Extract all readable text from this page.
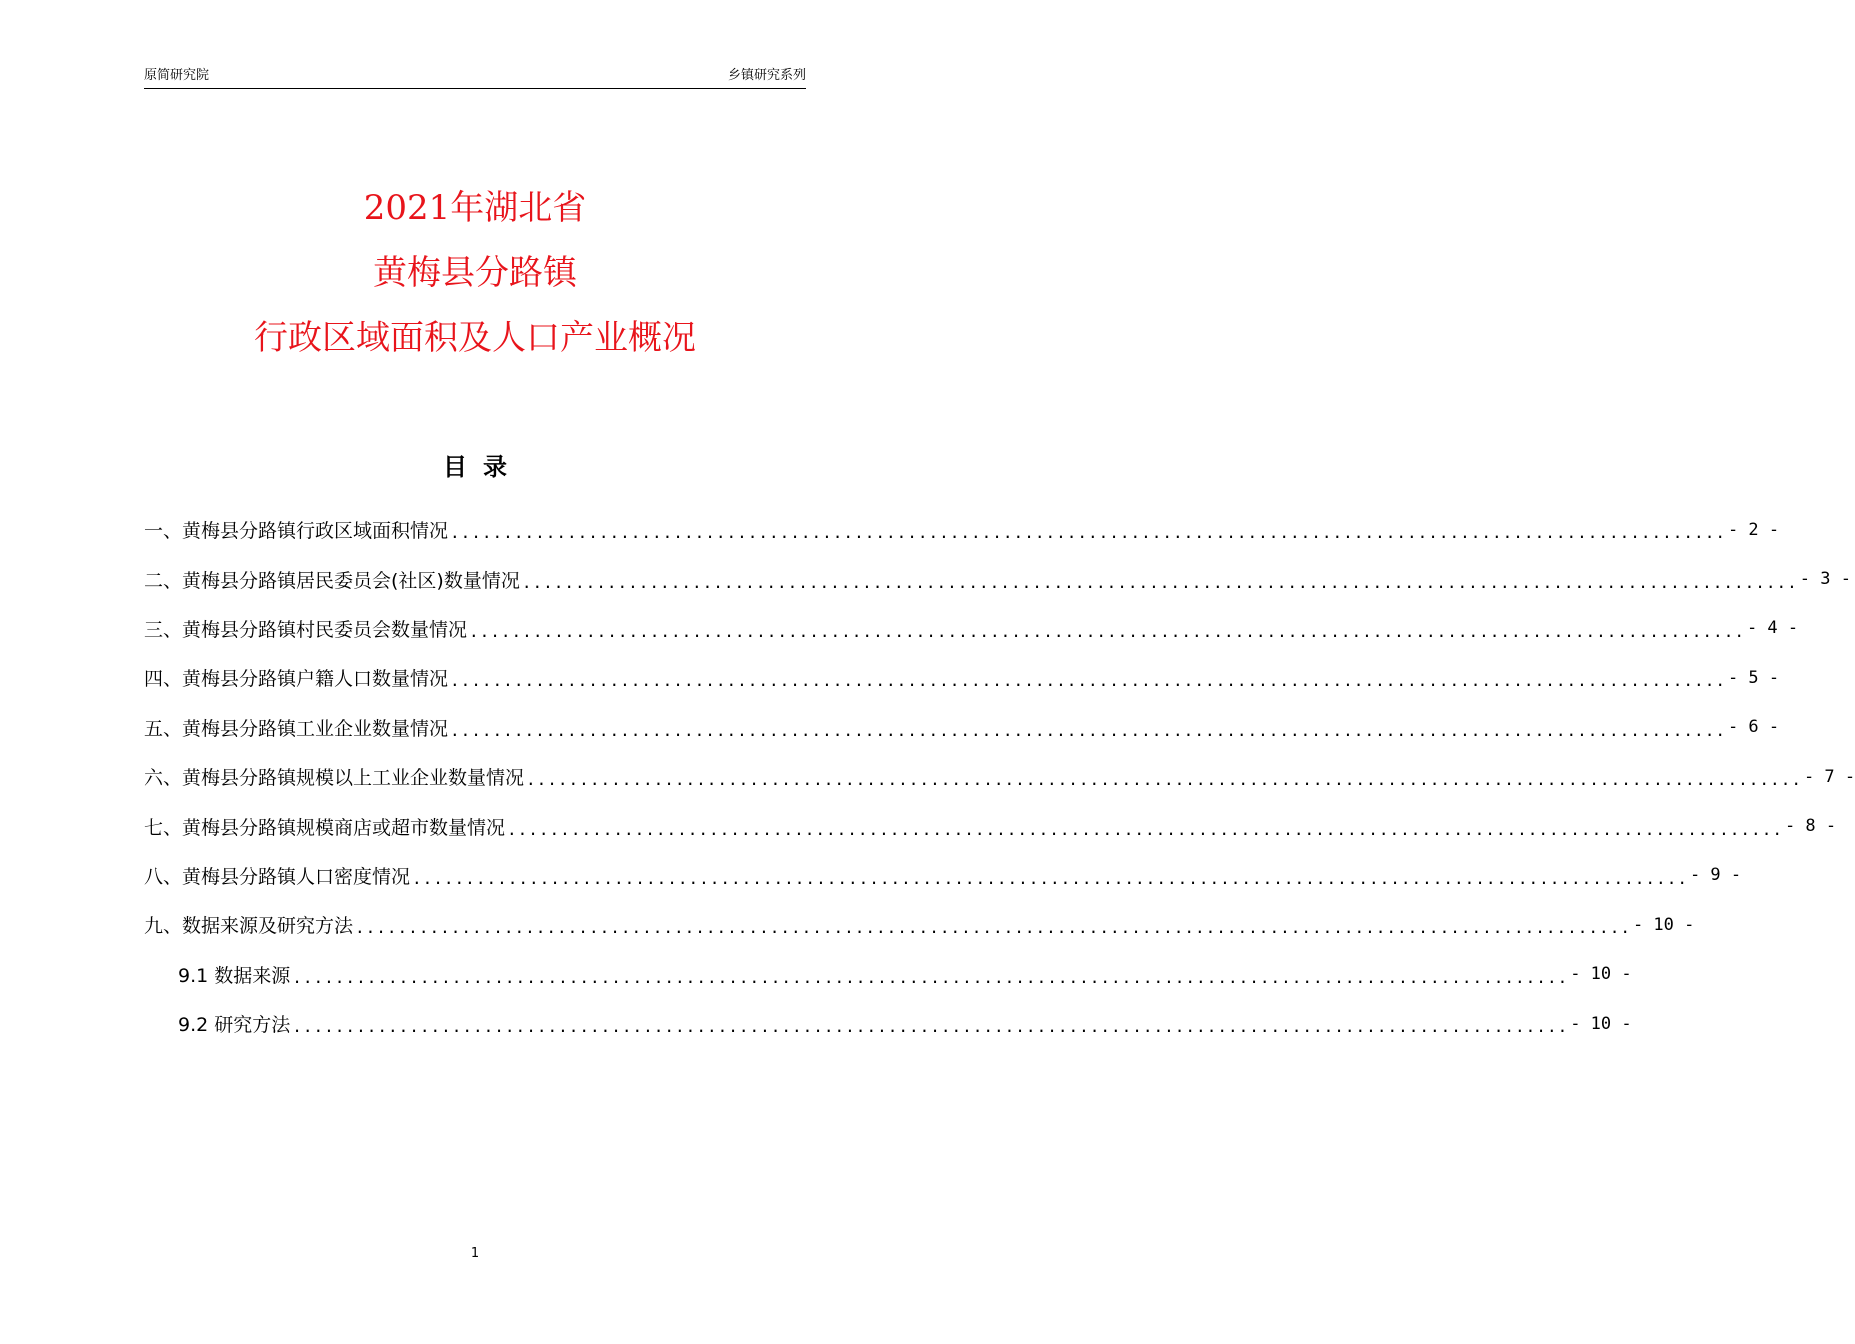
原简研究院	乡镇研究系列
2021年湖北省
黄梅县分路镇
行政区域面积及人口产业概况
目录
一、黄梅县分路镇行政区域面积情况 ........................................................................................................................ - 2 -
二、黄梅县分路镇居民委员会(社区)数量情况 ........................................................................................................................ - 3 -
三、黄梅县分路镇村民委员会数量情况 ........................................................................................................................ - 4 -
四、黄梅县分路镇户籍人口数量情况 ........................................................................................................................ - 5 -
五、黄梅县分路镇工业企业数量情况 ........................................................................................................................ - 6 -
六、黄梅县分路镇规模以上工业企业数量情况 ........................................................................................................................ - 7 -
七、黄梅县分路镇规模商店或超市数量情况 ........................................................................................................................ - 8 -
八、黄梅县分路镇人口密度情况 ........................................................................................................................ - 9 -
九、数据来源及研究方法 ........................................................................................................................ - 10 -
9.1 数据来源 ........................................................................................................................ - 10 -
9.2 研究方法 ........................................................................................................................ - 10 -
1
